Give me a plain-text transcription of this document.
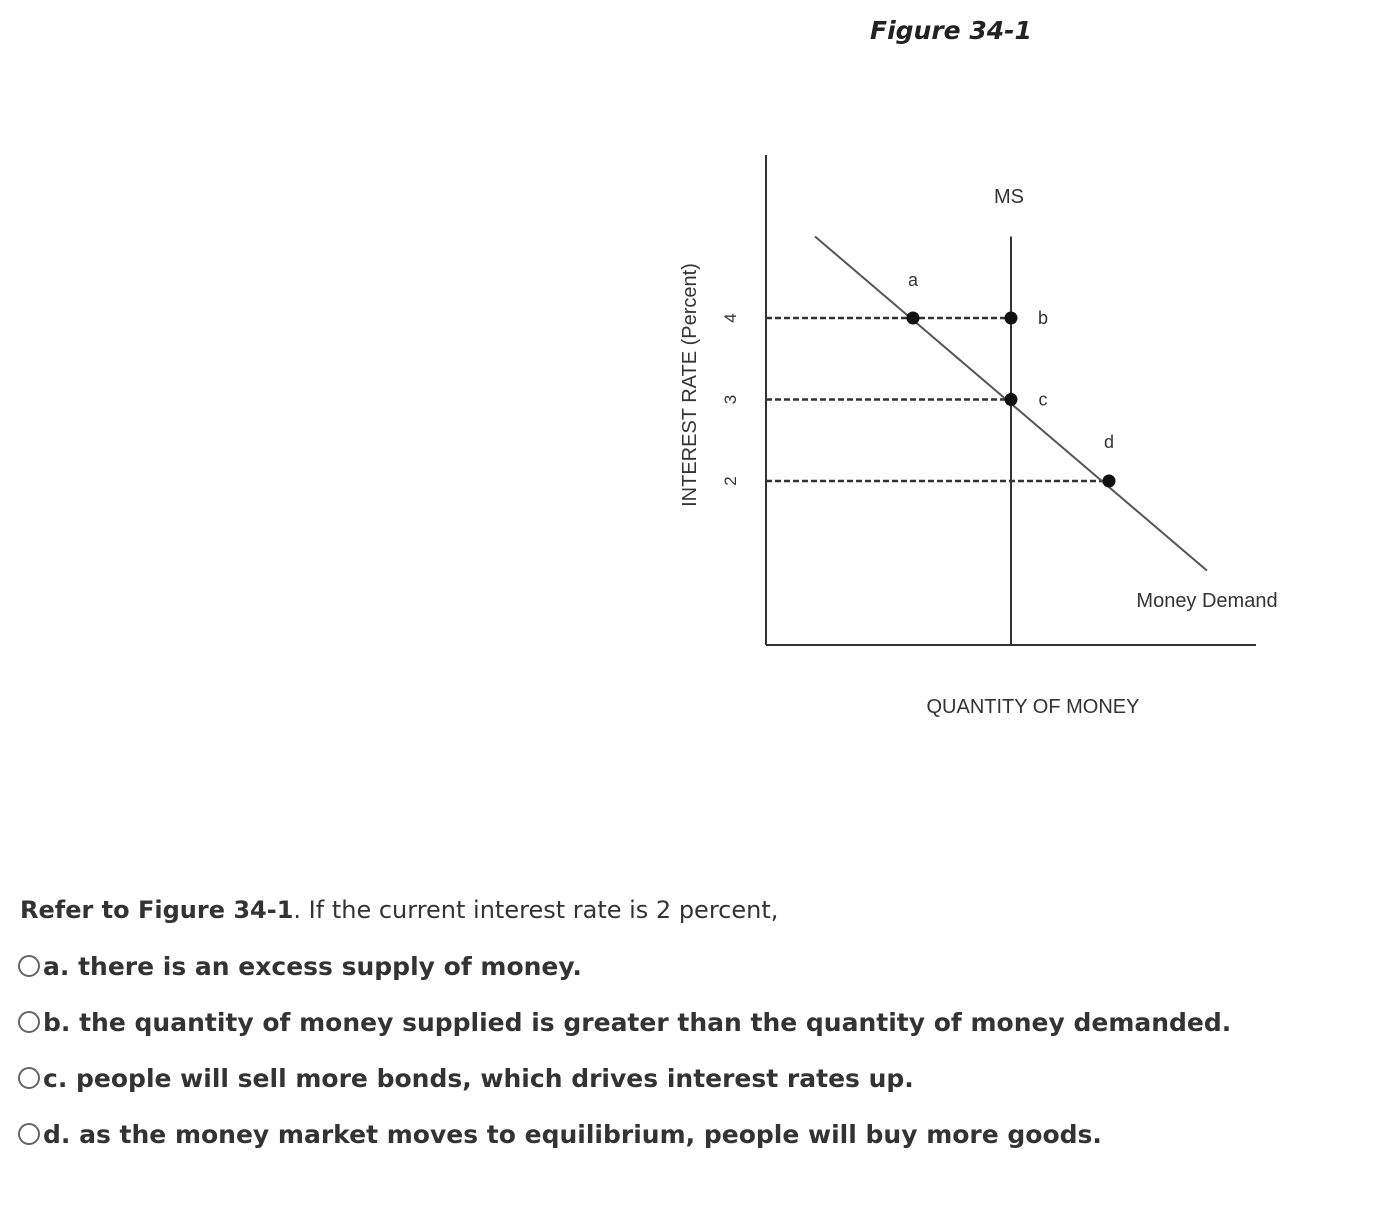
Figure 34-1
QUANTITY OF MONEY
INTEREST RATE (Percent) 4
3
2
MS
Money Demand
a
b
c
d
Refer to Figure 34-1. If the current interest rate is 2 percent,
a. there is an excess supply of money.
b. the quantity of money supplied is greater than the quantity of money demanded.
c. people will sell more bonds, which drives interest rates up.
d. as the money market moves to equilibrium, people will buy more goods.
